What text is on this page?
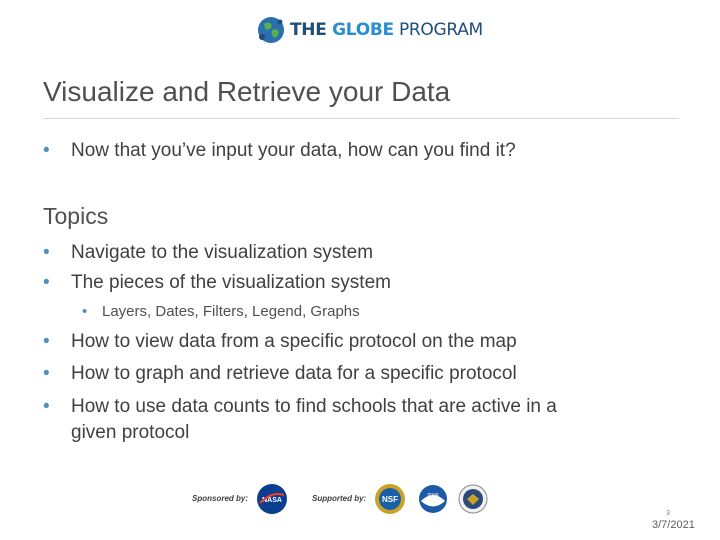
THE GLOBE PROGRAM
Visualize and Retrieve your Data
• Now that you’ve input your data, how can you find it?
Topics
• Navigate to the visualization system
• The pieces of the visualization system
• Layers, Dates, Filters, Legend, Graphs
• How to view data from a specific protocol on the map
• How to graph and retrieve data for a specific protocol
• How to use data counts to find schools that are active in a
given protocol
Sponsored by: NASA	Supported by: NSF	noaa
3
3/7/2021
